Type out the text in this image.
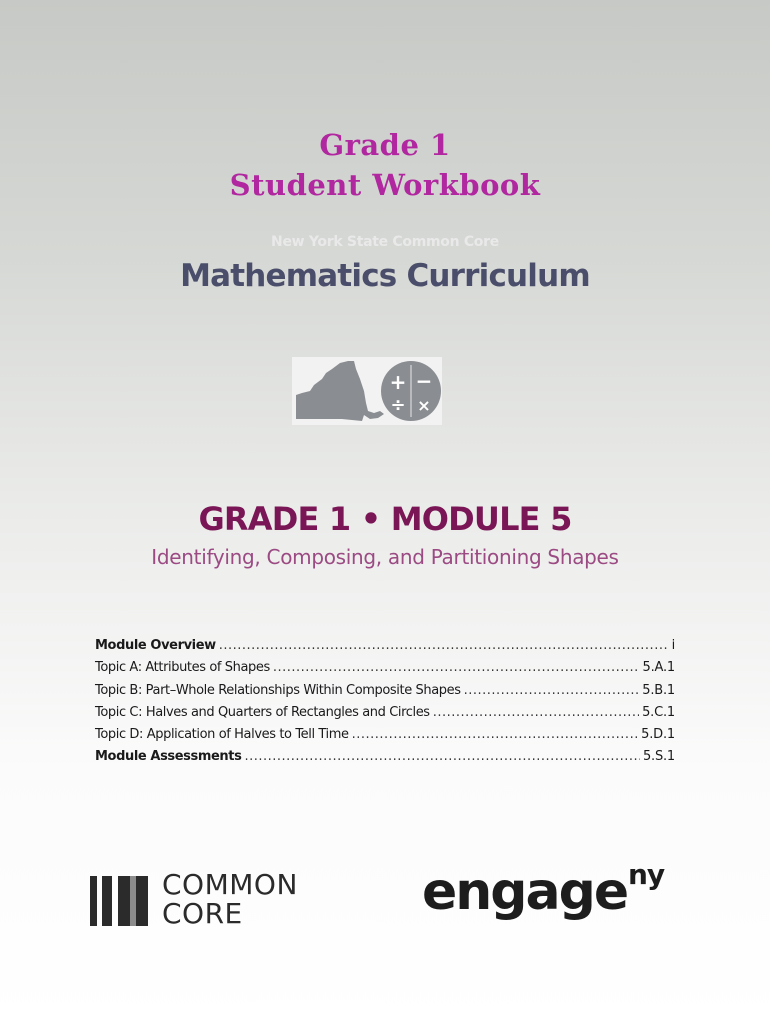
Grade 1
Student Workbook
New York State Common Core
Mathematics Curriculum
+ −
÷ ×
GRADE 1 • MODULE 5
Identifying, Composing, and Partitioning Shapes
Module Overview .....	i
Topic A: Attributes of Shapes .....	5.A.1
Topic B: Part–Whole Relationships Within Composite Shapes .....	5.B.1
Topic C: Halves and Quarters of Rectangles and Circles .....	5.C.1
Topic D: Application of Halves to Tell Time .....	5.D.1
Module Assessments .....	5.S.1
COMMON
CORE	engage ny
